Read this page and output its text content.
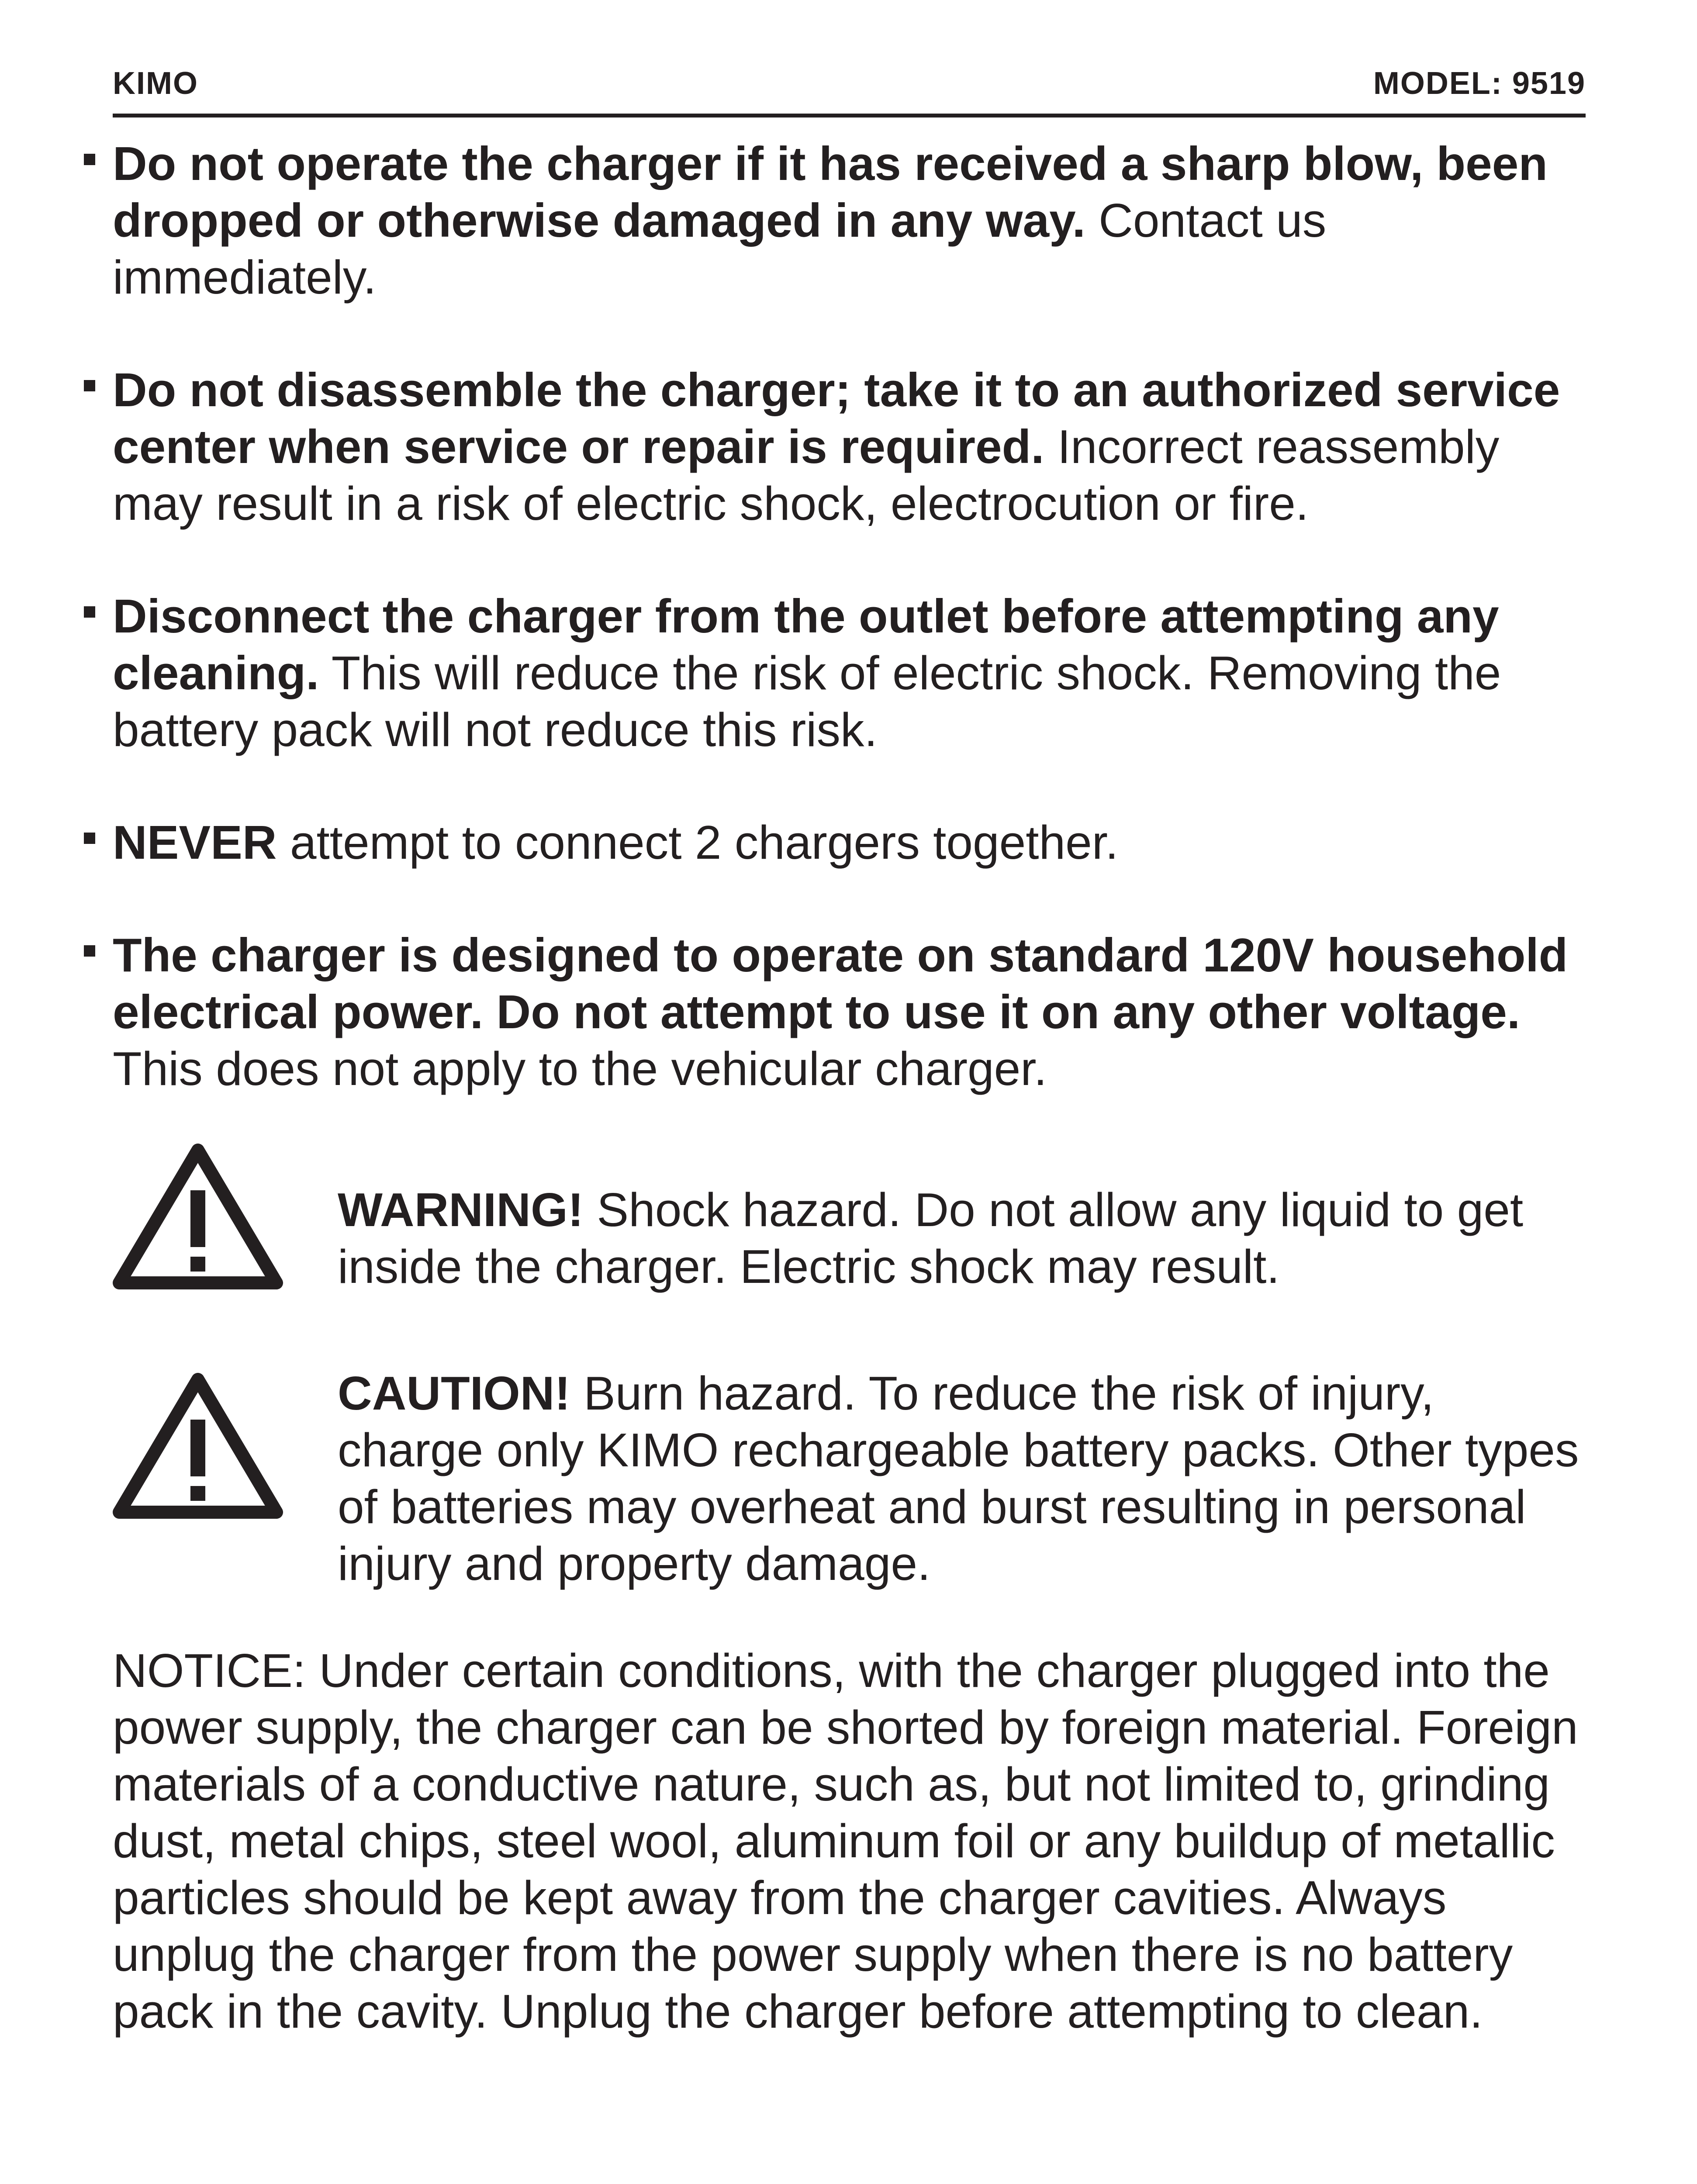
KIMO	MODEL: 9519
Do not operate the charger if it has received a sharp blow, been dropped or otherwise damaged in any way. Contact us immediately.
Do not disassemble the charger; take it to an authorized service center when service or repair is required. Incorrect reassembly may result in a risk of electric shock, electrocution or fire.
Disconnect the charger from the outlet before attempting any cleaning. This will reduce the risk of electric shock. Removing the battery pack will not reduce this risk.
NEVER attempt to connect 2 chargers together.
The charger is designed to operate on standard 120V household electrical power. Do not attempt to use it on any other voltage. This does not apply to the vehicular charger.
WARNING! Shock hazard. Do not allow any liquid to get inside the charger. Electric shock may result.
CAUTION! Burn hazard. To reduce the risk of injury, charge only KIMO rechargeable battery packs. Other types of batteries may overheat and burst resulting in personal injury and property damage.
NOTICE: Under certain conditions, with the charger plugged into the power supply, the charger can be shorted by foreign material. Foreign materials of a conductive nature, such as, but not limited to, grinding dust, metal chips, steel wool, aluminum foil or any buildup of metallic particles should be kept away from the charger cavities. Always unplug the charger from the power supply when there is no battery pack in the cavity. Unplug the charger before attempting to clean.
